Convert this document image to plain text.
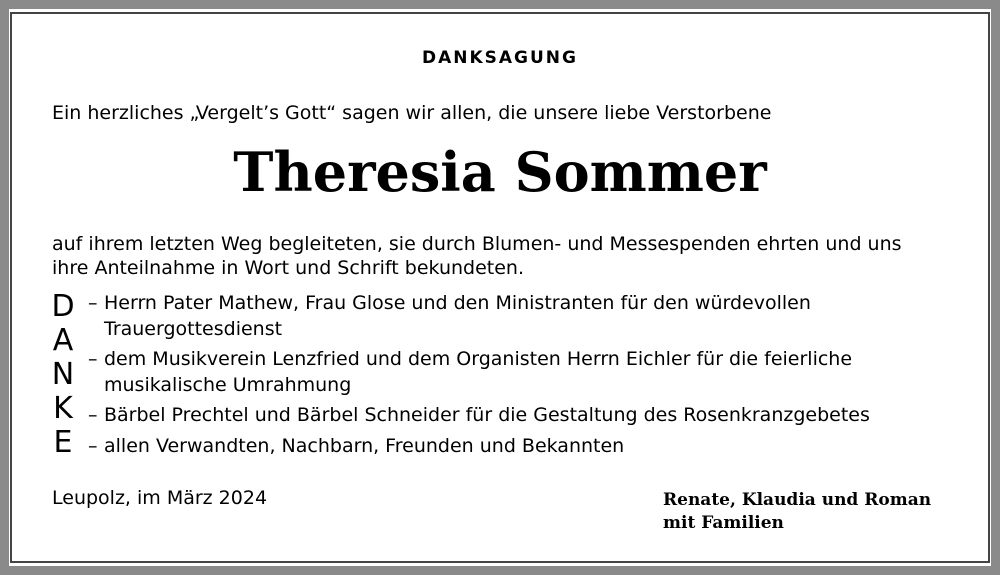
DANKSAGUNG
Ein herzliches „Vergelt’s Gott“ sagen wir allen, die unsere liebe Verstorbene
Theresia Sommer
auf ihrem letzten Weg begleiteten, sie durch Blumen- und Messespenden ehrten und uns
ihre Anteilnahme in Wort und Schrift bekundeten.
D
A
N
K
E
– Herrn Pater Mathew, Frau Glose und den Ministranten für den würdevollen
Trauergottesdienst
– dem Musikverein Lenzfried und dem Organisten Herrn Eichler für die feierliche
musikalische Umrahmung
– Bärbel Prechtel und Bärbel Schneider für die Gestaltung des Rosenkranzgebetes
– allen Verwandten, Nachbarn, Freunden und Bekannten
Leupolz, im März 2024	Renate, Klaudia und Roman
mit Familien
